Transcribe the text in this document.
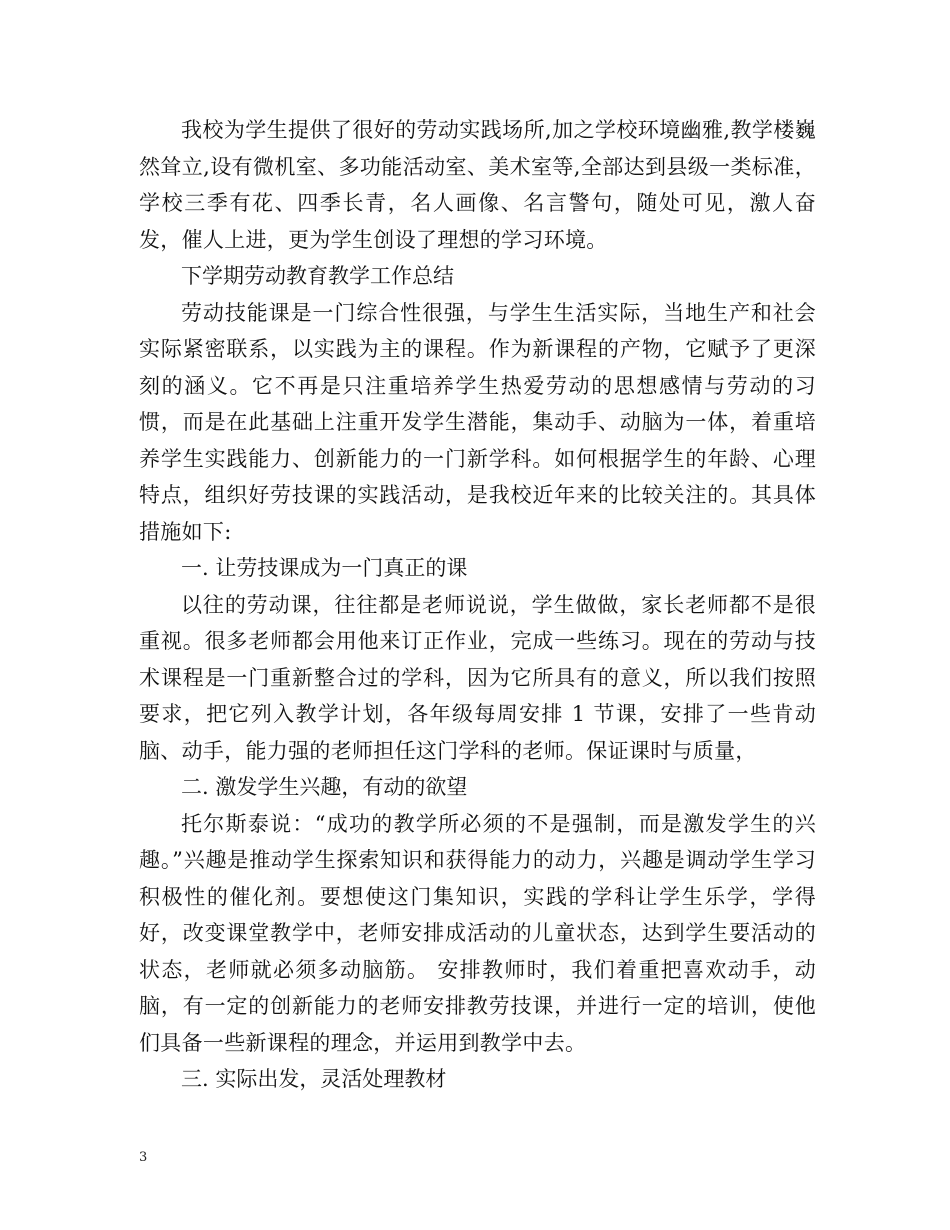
我校为学生提供了很好的劳动实践场所,加之学校环境幽雅,教学楼巍然耸立,设有微机室、多功能活动室、美术室等,全部达到县级一类标准，学校三季有花、四季长青，名人画像、名言警句，随处可见，激人奋发，催人上进，更为学生创设了理想的学习环境。

下学期劳动教育教学工作总结

劳动技能课是一门综合性很强，与学生生活实际，当地生产和社会实际紧密联系，以实践为主的课程。作为新课程的产物，它赋予了更深刻的涵义。它不再是只注重培养学生热爱劳动的思想感情与劳动的习惯，而是在此基础上注重开发学生潜能，集动手、动脑为一体，着重培养学生实践能力、创新能力的一门新学科。如何根据学生的年龄、心理特点，组织好劳技课的实践活动，是我校近年来的比较关注的。其具体措施如下:

一. 让劳技课成为一门真正的课

以往的劳动课，往往都是老师说说，学生做做，家长老师都不是很重视。很多老师都会用他来订正作业，完成一些练习。现在的劳动与技术课程是一门重新整合过的学科，因为它所具有的意义，所以我们按照要求，把它列入教学计划，各年级每周安排 1 节课，安排了一些肯动脑、动手，能力强的老师担任这门学科的老师。保证课时与质量，

二. 激发学生兴趣，有动的欲望

托尔斯泰说：“成功的教学所必须的不是强制，而是激发学生的兴趣。”兴趣是推动学生探索知识和获得能力的动力，兴趣是调动学生学习积极性的催化剂。要想使这门集知识，实践的学科让学生乐学，学得好，改变课堂教学中，老师安排成活动的儿童状态，达到学生要活动的状态，老师就必须多动脑筋。 安排教师时，我们着重把喜欢动手，动脑，有一定的创新能力的老师安排教劳技课，并进行一定的培训，使他们具备一些新课程的理念，并运用到教学中去。

三. 实际出发，灵活处理教材

3
